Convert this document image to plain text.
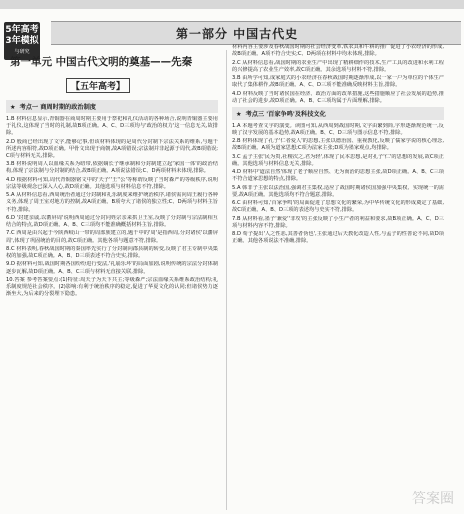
5年高考
3年模拟
与研究
第一部分 中国古代史
第一单元 中国古代文明的奠基——先秦
【五年高考】
★ 考点一 商周时期的政治制度

1.B 材料信息显示,青铜器在商周时期主要用于祭祀和礼仪活动的各种场合,说明青铜器主要用于礼仪,这体现了当时的礼制,故B项正确。A、C、D三项均与'政治的权力'这一信息无关,故排除。

2.D 殷商已经出现了文字,能够记事,但该材料体现的是周代分封制下宗法关系的维系,与题干所述内容相符,故D项正确。甲骨文出现于商朝,故A项错误;宗法制并非起源于周代,故B项错误;C项与材料无关,排除。

3.B 材料说明周人以血缘关系为纽带,依据嫡长子继承制和分封制建立起'家国一体'的政治结构,体现了宗法制与分封制的结合,故B项正确。A项说法错误;C、D两项材料未体现,排除。

4.D 根据材料可知,周代青铜器铭文中的'天子''王''公'等称谓反映了当时森严的等级秩序,说明宗法等级观念已深入人心,故D项正确。其他选项与材料信息不符,排除。

5.A 从材料信息看,西周统治者通过分封制和礼乐制度来维护统治秩序,诸侯需向周王履行各种义务,体现了周王室对地方的控制,故A项正确。B项夸大了诸侯的独立性;C、D两项与材料主旨不符,排除。

6.D '封建亲戚,以蕃屏周'说明西周通过分封同姓宗亲来拱卫王室,反映了分封制与宗法制相互结合的特点,故D项正确。A、B、C三项均不能准确概括材料主旨,排除。

7.C 西周是由兴起于今陕西岐山一带的周部族建立的,题干中的'周'是指西周,分封诸侯'以藩屏周',体现了巩固统治的目的,故C项正确。其他各项与题意不符,排除。

8.C 材料表明,春秋战国时期的秦国率先实行了分封制向郡县制的转变,反映了君主专制中央集权的加强,故C项正确。A、B、D三项表述不符合史实,排除。

9.D 据材料可知,战国时期各国纷纷进行变法,'礼崩乐坏'的局面加剧,说明传统的宗法分封体制逐步瓦解,故D项正确。A、B、C三项与材料无直接关联,排除。

10.答案 参考答案要点:(1)特征:周天子为天下共主;等级森严;宗法血缘关系维系政治结构;礼乐制度规范社会秩序。(2)影响:有利于统治秩序的稳定,促进了华夏文化的认同;但诸侯势力逐渐坐大,为后来的分裂埋下隐患。

材料内容主要涉及春秋战国时期的社会经济变革,铁农具和牛耕的推广促进了小农经济的形成,故B项正确。A项不符合史实;C、D两项在材料中均未体现,排除。

2.C 从材料信息看,战国时期的农业生产中出现了精耕细作的技术,生产工具的改进和水利工程的兴修提高了农业生产效率,故C项正确。其余选项与材料不符,排除。

3.B 由所学可知,成家庭式的小农经济在春秋战国时期逐渐形成,以一家一户为单位的个体生产取代了集体耕作,故B项正确。A、C、D三项不能准确反映材料主旨,排除。

4.D 材料反映了当时诸侯国在经济、政治方面的改革措施,这些措施顺应了社会发展的趋势,推动了社会的进步,故D项正确。A、B、C三项均属于片面理解,排除。

★ 考点三 '百家争鸣'及科技文化

1.A 本题考查文字的演变。读图可知,从西周到战国时期,文字由繁到简,字形逐渐规范统一,反映了汉字发展的基本趋势,故A项正确。B、C、D三项与图示信息不符,排除。

2.B 材料体现了孔子'仁者爱人'的思想,主张以德治国、重视教化,反映了儒家学说的核心理念,故B项正确。A项为道家思想;C项为法家主张;D项为墨家观点,均排除。

3.C 孟子主张'民为贵,社稷次之,君为轻',体现了民本思想,是对孔子'仁'的思想的发展,故C项正确。其他选项与材料信息无关,排除。

4.D 材料中'道法自然'体现了老子顺应自然、无为而治的思想主张,故D项正确。A、B、C三项不符合道家思想的特点,排除。

5.A 韩非子主张以法治国,强调君主集权,适应了战国时期诸侯国加强中央集权、实现统一的需要,故A项正确。其他选项均不符合题意,排除。

6.C 由材料可知,'百家争鸣'的局面促进了思想文化的繁荣,为中华传统文化的形成奠定了基础,故C项正确。A、B、D三项的表述均与史实不符,排除。

7.B 从材料看,墨子'兼爱''非攻'的主张反映了小生产者的利益和要求,故B项正确。A、C、D三项与材料内容不符,排除。

8.D 荀子提出'人之性恶,其善者伪也',主张通过后天教化改造人性,与孟子的性善论不同,故D项正确。其他各项说法不准确,排除。

答案圈
